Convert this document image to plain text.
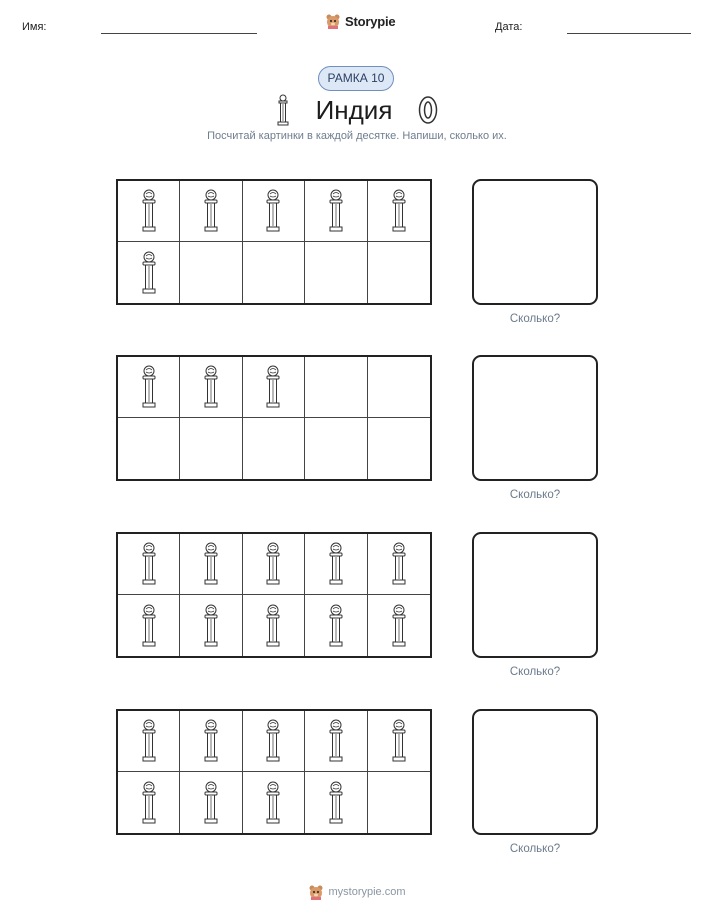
Имя:	Storypie	Дата:
РАМКА 10
Индия
Посчитай картинки в каждой десятке. Напиши, сколько их.
Сколько?
Сколько?
Сколько?
Сколько?
mystorypie.com
